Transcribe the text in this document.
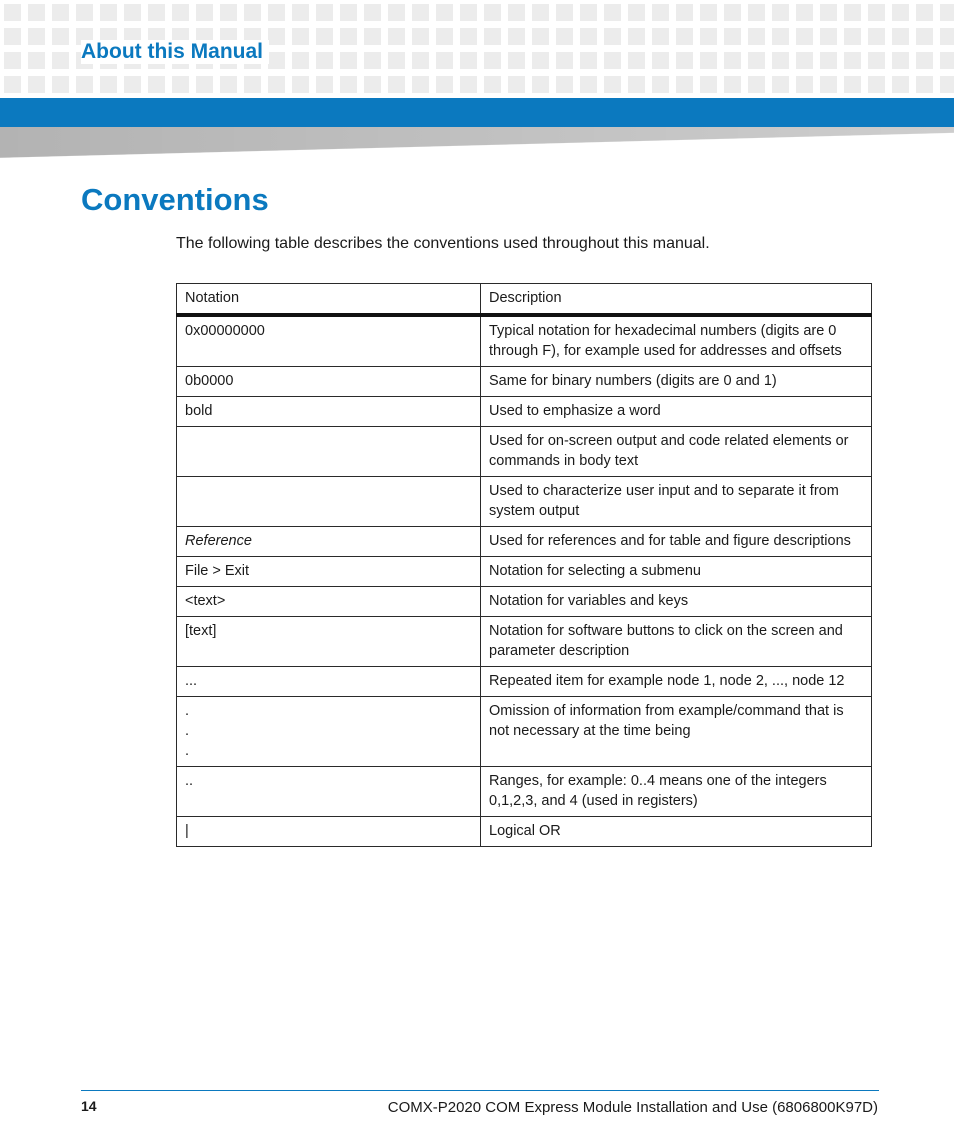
About this Manual
Conventions

The following table describes the conventions used throughout this manual.

Notation	Description
0x00000000	Typical notation for hexadecimal numbers (digits are 0 through F), for example used for addresses and offsets
0b0000	Same for binary numbers (digits are 0 and 1)
bold	Used to emphasize a word
	Used for on-screen output and code related elements or commands in body text
	Used to characterize user input and to separate it from system output
Reference	Used for references and for table and figure descriptions
File > Exit	Notation for selecting a submenu
<text>	Notation for variables and keys
[text]	Notation for software buttons to click on the screen and parameter description
...	Repeated item for example node 1, node 2, ..., node 12

.
.
.	Omission of information from example/command that is not necessary at the time being
..	Ranges, for example: 0..4 means one of the integers 0,1,2,3, and 4 (used in registers)
|	Logical OR
14	COMX-P2020 COM Express Module Installation and Use (6806800K97D)
